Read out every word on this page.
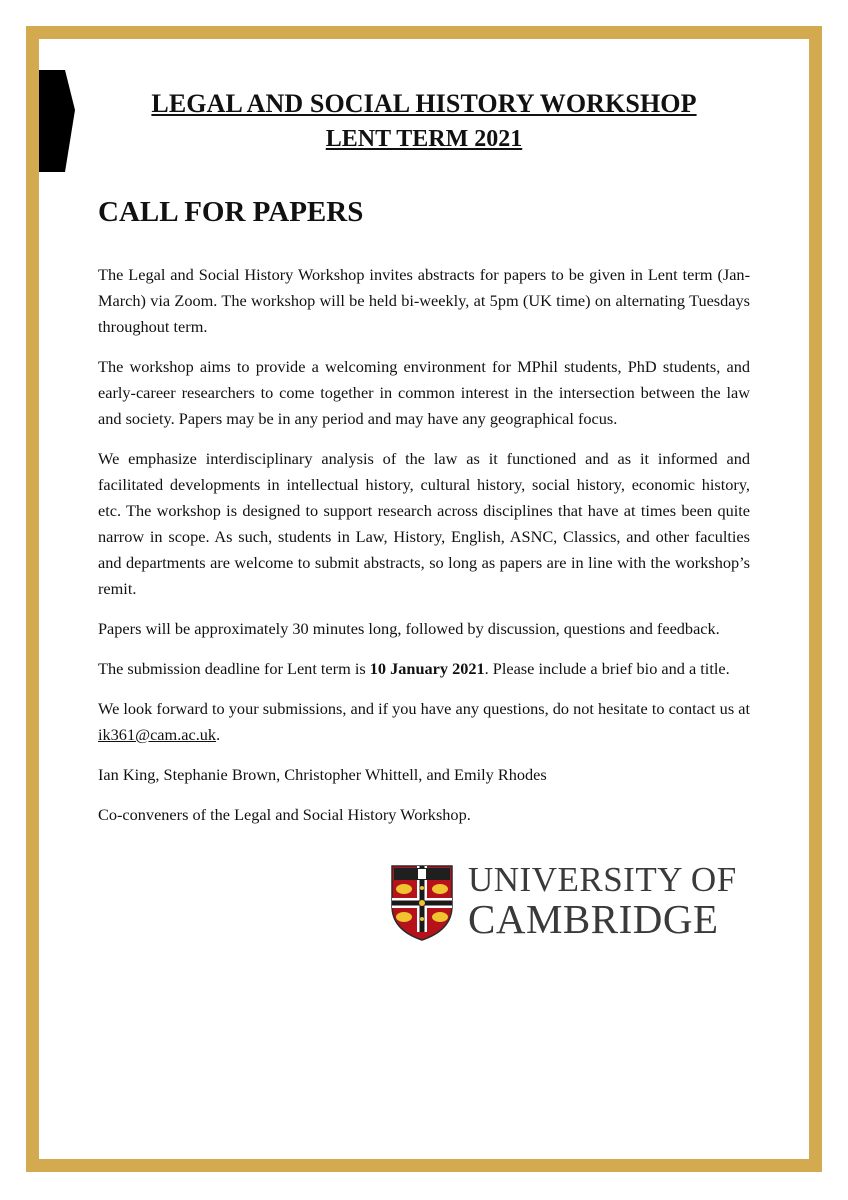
LEGAL AND SOCIAL HISTORY WORKSHOP
LENT TERM 2021
CALL FOR PAPERS

The Legal and Social History Workshop invites abstracts for papers to be given in Lent term (Jan-March) via Zoom. The workshop will be held bi-weekly, at 5pm (UK time) on alternating Tuesdays throughout term.

The workshop aims to provide a welcoming environment for MPhil students, PhD students, and early-career researchers to come together in common interest in the intersection between the law and society. Papers may be in any period and may have any geographical focus.

We emphasize interdisciplinary analysis of the law as it functioned and as it informed and facilitated developments in intellectual history, cultural history, social history, economic history, etc. The workshop is designed to support research across disciplines that have at times been quite narrow in scope. As such, students in Law, History, English, ASNC, Classics, and other faculties and departments are welcome to submit abstracts, so long as papers are in line with the workshop’s remit.

Papers will be approximately 30 minutes long, followed by discussion, questions and feedback.

The submission deadline for Lent term is 10 January 2021. Please include a brief bio and a title.

We look forward to your submissions, and if you have any questions, do not hesitate to contact us at ik361@cam.ac.uk.

Ian King, Stephanie Brown, Christopher Whittell, and Emily Rhodes

Co-conveners of the Legal and Social History Workshop.

UNIVERSITY OF
CAMBRIDGE
